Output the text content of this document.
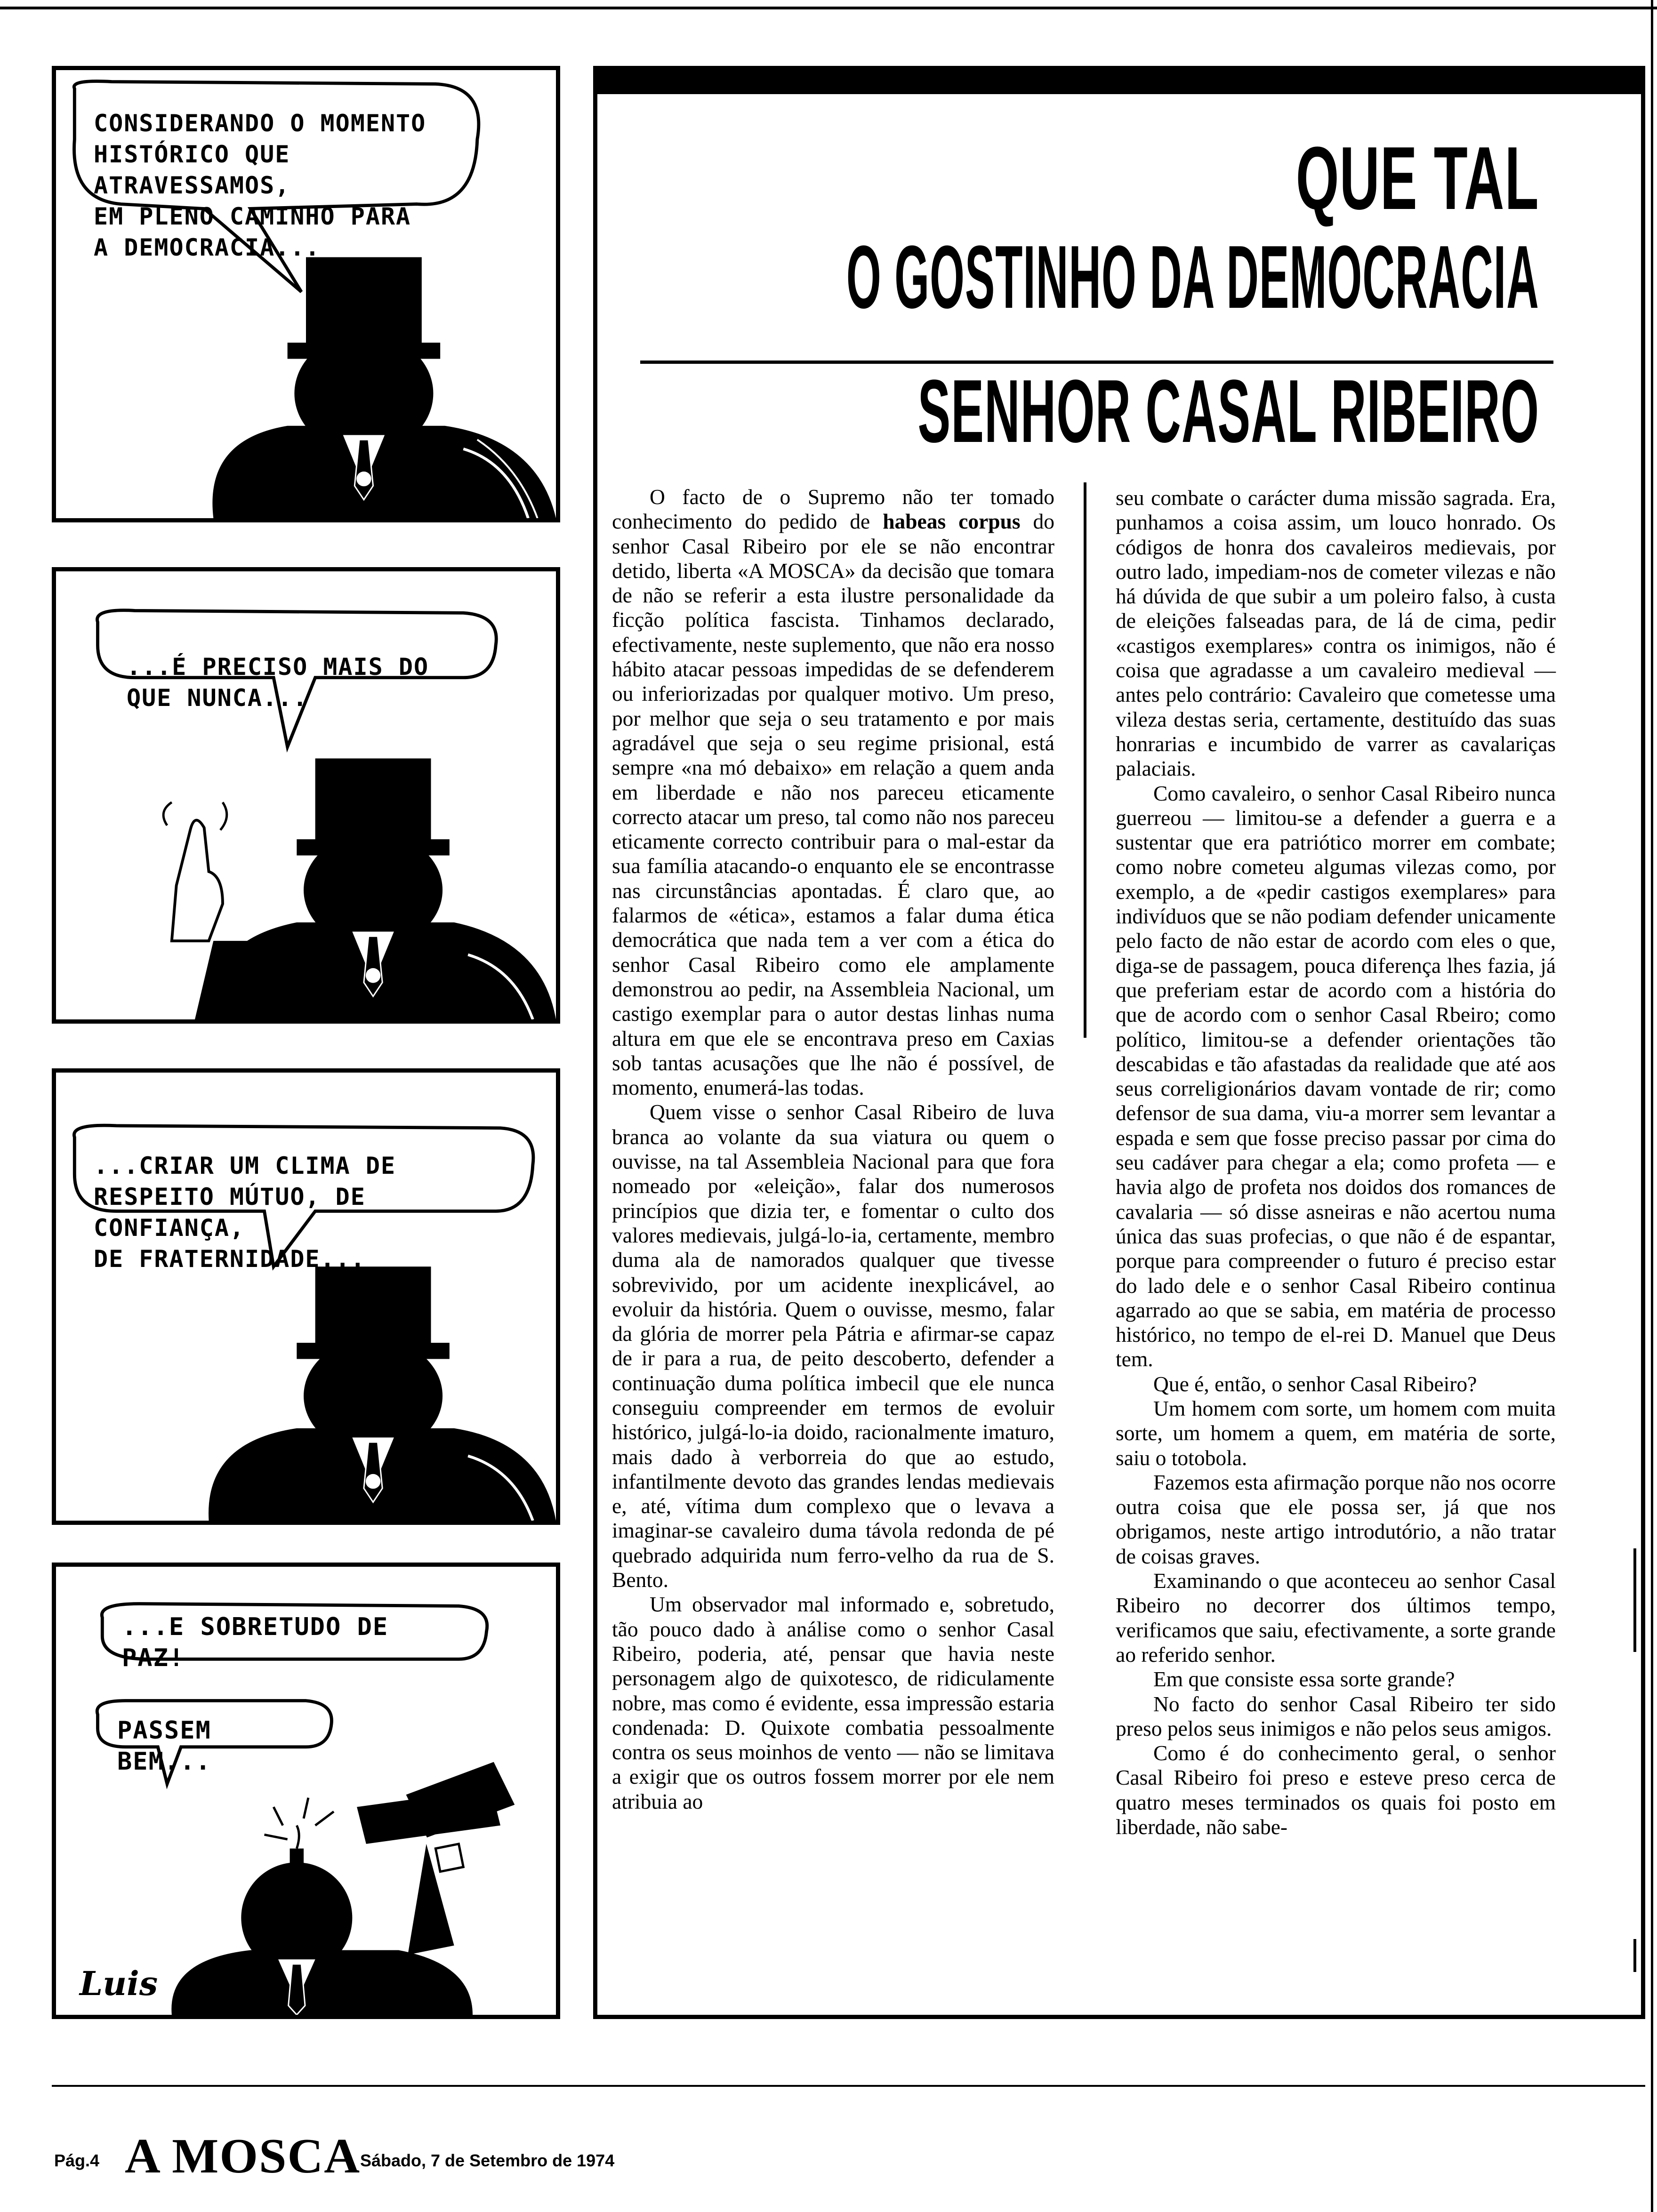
CONSIDERANDO O MOMENTO
HISTÓRICO QUE ATRAVESSAMOS,
EM PLENO CAMINHO PARA
A DEMOCRACIA...
...É PRECISO MAIS DO
QUE NUNCA...
...CRIAR UM CLIMA DE
RESPEITO MÚTUO, DE CONFIANÇA,
DE FRATERNIDADE...
...E SOBRETUDO DE PAZ!
PASSEM BEM...
Luis
QUE TAL
O GOSTINHO DA DEMOCRACIA
SENHOR CASAL RIBEIRO

O facto de o Supremo não ter tomado conhecimento do pedido de habeas corpus do senhor Casal Ribeiro por ele se não encontrar detido, liberta «A MOSCA» da decisão que tomara de não se referir a esta ilustre personalidade da ficção política fascista. Tinhamos declarado, efectivamente, neste suplemento, que não era nosso hábito atacar pessoas impedidas de se defenderem ou inferiorizadas por qualquer motivo. Um preso, por melhor que seja o seu tratamento e por mais agradável que seja o seu regime prisional, está sempre «na mó debaixo» em relação a quem anda em liberdade e não nos pareceu eticamente correcto atacar um preso, tal como não nos pareceu eticamente correcto contribuir para o mal-estar da sua família atacando-o enquanto ele se encontrasse nas circunstâncias apontadas. É claro que, ao falarmos de «ética», estamos a falar duma ética democrática que nada tem a ver com a ética do senhor Casal Ribeiro como ele amplamente demonstrou ao pedir, na Assembleia Nacional, um castigo exemplar para o autor destas linhas numa altura em que ele se encontrava preso em Caxias sob tantas acusações que lhe não é possível, de momento, enumerá-las todas.

Quem visse o senhor Casal Ribeiro de luva branca ao volante da sua viatura ou quem o ouvisse, na tal Assembleia Nacional para que fora nomeado por «eleição», falar dos numerosos princípios que dizia ter, e fomentar o culto dos valores medievais, julgá-lo-ia, certamente, membro duma ala de namorados qualquer que tivesse sobrevivido, por um acidente inexplicável, ao evoluir da história. Quem o ouvisse, mesmo, falar da glória de morrer pela Pátria e afirmar-se capaz de ir para a rua, de peito descoberto, defender a continuação duma política imbecil que ele nunca conseguiu compreender em termos de evoluir histórico, julgá-lo-ia doido, racionalmente imaturo, mais dado à verborreia do que ao estudo, infantilmente devoto das grandes lendas medievais e, até, vítima dum complexo que o levava a imaginar-se cavaleiro duma távola redonda de pé quebrado adquirida num ferro-velho da rua de S. Bento.

Um observador mal informado e, sobretudo, tão pouco dado à análise como o senhor Casal Ribeiro, poderia, até, pensar que havia neste personagem algo de quixotesco, de ridiculamente nobre, mas como é evidente, essa impressão estaria condenada: D. Quixote combatia pessoalmente contra os seus moinhos de vento — não se limitava a exigir que os outros fossem morrer por ele nem atribuia ao

seu combate o carácter duma missão sagrada. Era, punhamos a coisa assim, um louco honrado. Os códigos de honra dos cavaleiros medievais, por outro lado, impediam-nos de cometer vilezas e não há dúvida de que subir a um poleiro falso, à custa de eleições falseadas para, de lá de cima, pedir «castigos exemplares» contra os inimigos, não é coisa que agradasse a um cavaleiro medieval — antes pelo contrário: Cavaleiro que cometesse uma vileza destas seria, certamente, destituído das suas honrarias e incumbido de varrer as cavalariças palaciais.

Como cavaleiro, o senhor Casal Ribeiro nunca guerreou — limitou-se a defender a guerra e a sustentar que era patriótico morrer em combate; como nobre cometeu algumas vilezas como, por exemplo, a de «pedir castigos exemplares» para indivíduos que se não podiam defender unicamente pelo facto de não estar de acordo com eles o que, diga-se de passagem, pouca diferença lhes fazia, já que preferiam estar de acordo com a história do que de acordo com o senhor Casal Rbeiro; como político, limitou-se a defender orientações tão descabidas e tão afastadas da realidade que até aos seus correligionários davam vontade de rir; como defensor de sua dama, viu-a morrer sem levantar a espada e sem que fosse preciso passar por cima do seu cadáver para chegar a ela; como profeta — e havia algo de profeta nos doidos dos romances de cavalaria — só disse asneiras e não acertou numa única das suas profecias, o que não é de espantar, porque para compreender o futuro é preciso estar do lado dele e o senhor Casal Ribeiro continua agarrado ao que se sabia, em matéria de processo histórico, no tempo de el-rei D. Manuel que Deus tem.

Que é, então, o senhor Casal Ribeiro?

Um homem com sorte, um homem com muita sorte, um homem a quem, em matéria de sorte, saiu o totobola.

Fazemos esta afirmação porque não nos ocorre outra coisa que ele possa ser, já que nos obrigamos, neste artigo introdutório, a não tratar de coisas graves.

Examinando o que aconteceu ao senhor Casal Ribeiro no decorrer dos últimos tempo, verificamos que saiu, efectivamente, a sorte grande ao referido senhor.

Em que consiste essa sorte grande?

No facto do senhor Casal Ribeiro ter sido preso pelos seus inimigos e não pelos seus amigos.

Como é do conhecimento geral, o senhor Casal Ribeiro foi preso e esteve preso cerca de quatro meses terminados os quais foi posto em liberdade, não sabe-

Pág.4 A MOSCA
Sábado, 7 de Setembro de 1974
